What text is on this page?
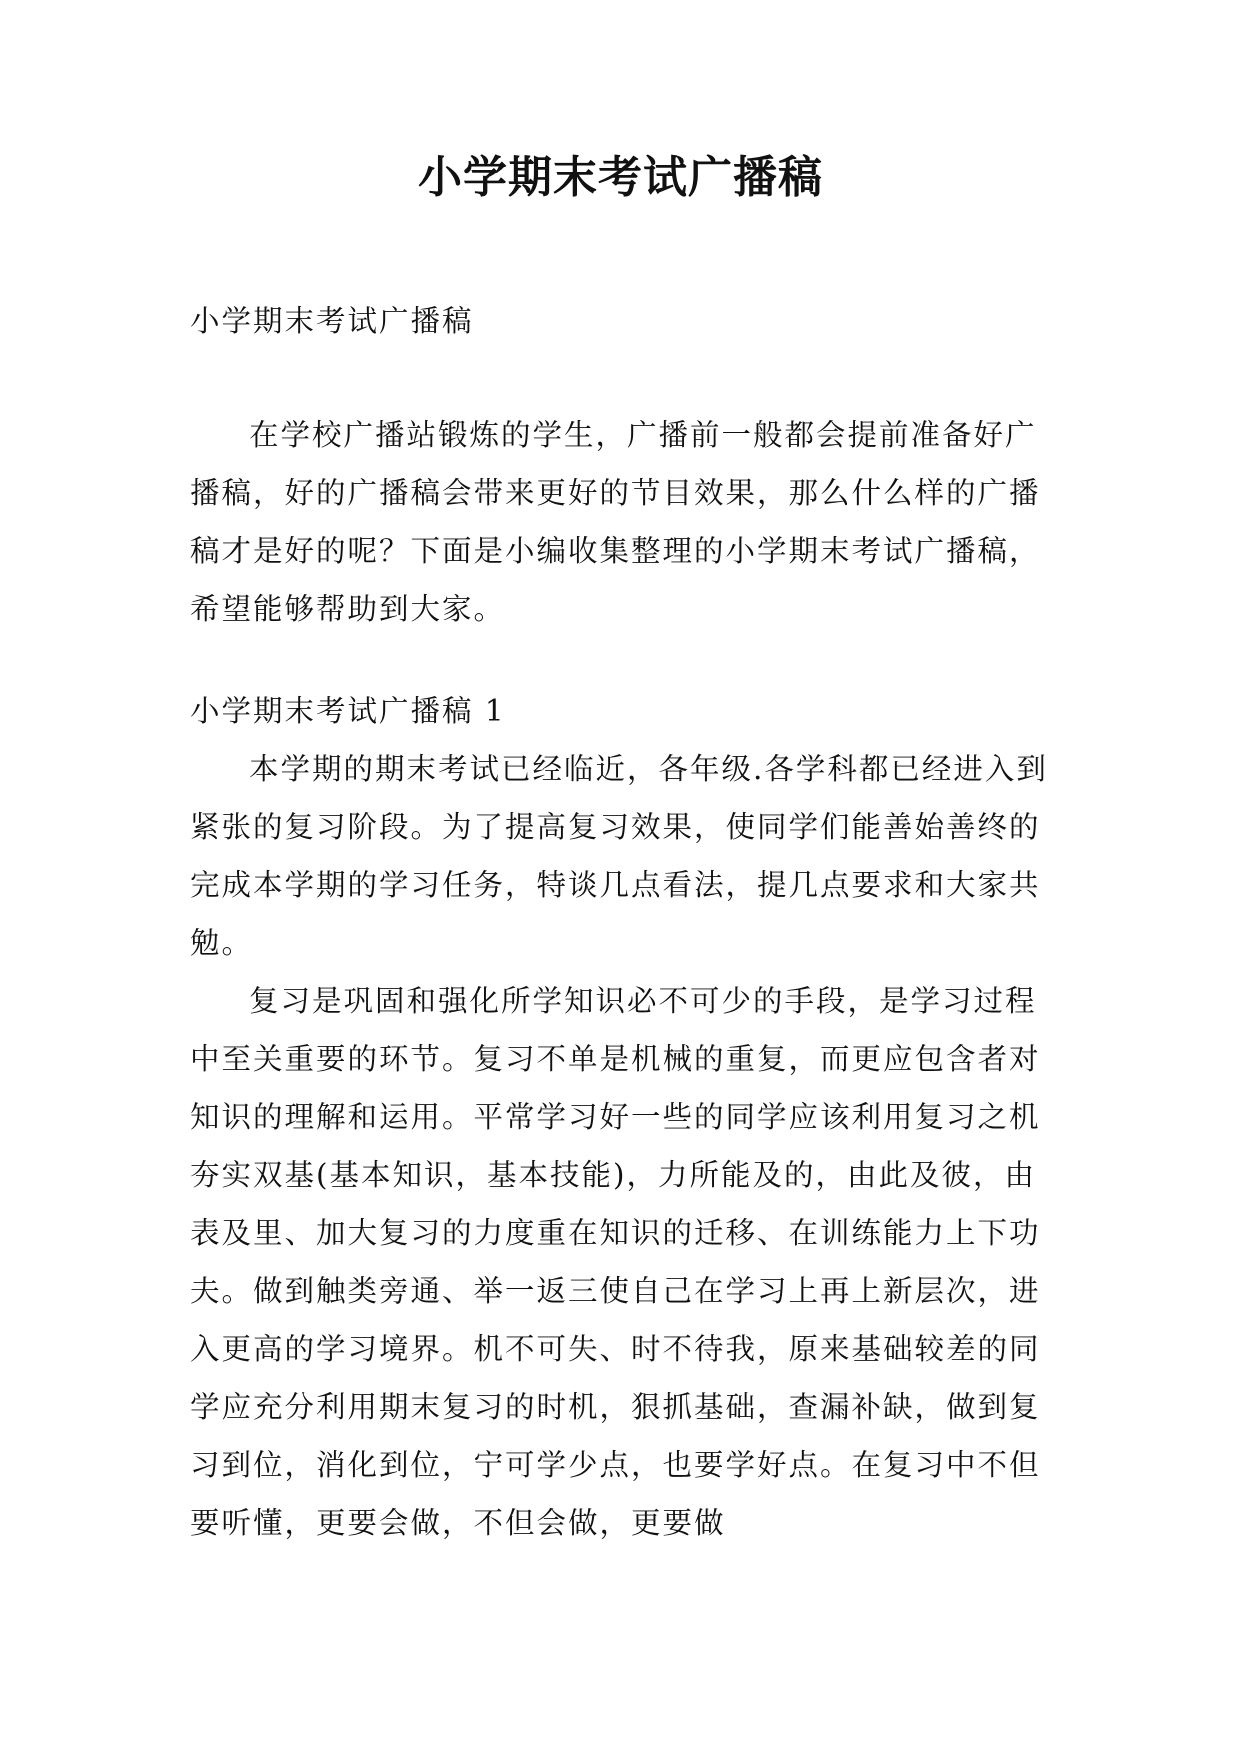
小学期末考试广播稿

小学期末考试广播稿

在学校广播站锻炼的学生，广播前一般都会提前准备好广播稿，好的广播稿会带来更好的节目效果，那么什么样的广播稿才是好的呢？下面是小编收集整理的小学期末考试广播稿，希望能够帮助到大家。

小学期末考试广播稿 1

本学期的期末考试已经临近，各年级.各学科都已经进入到紧张的复习阶段。为了提高复习效果，使同学们能善始善终的完成本学期的学习任务，特谈几点看法，提几点要求和大家共勉。

复习是巩固和强化所学知识必不可少的手段，是学习过程中至关重要的环节。复习不单是机械的重复，而更应包含者对知识的理解和运用。平常学习好一些的同学应该利用复习之机夯实双基(基本知识，基本技能)，力所能及的，由此及彼，由表及里、加大复习的力度重在知识的迁移、在训练能力上下功夫。做到触类旁通、举一返三使自己在学习上再上新层次，进入更高的学习境界。机不可失、时不待我，原来基础较差的同学应充分利用期末复习的时机，狠抓基础，查漏补缺，做到复习到位，消化到位，宁可学少点，也要学好点。在复习中不但要听懂，更要会做，不但会做，更要做
